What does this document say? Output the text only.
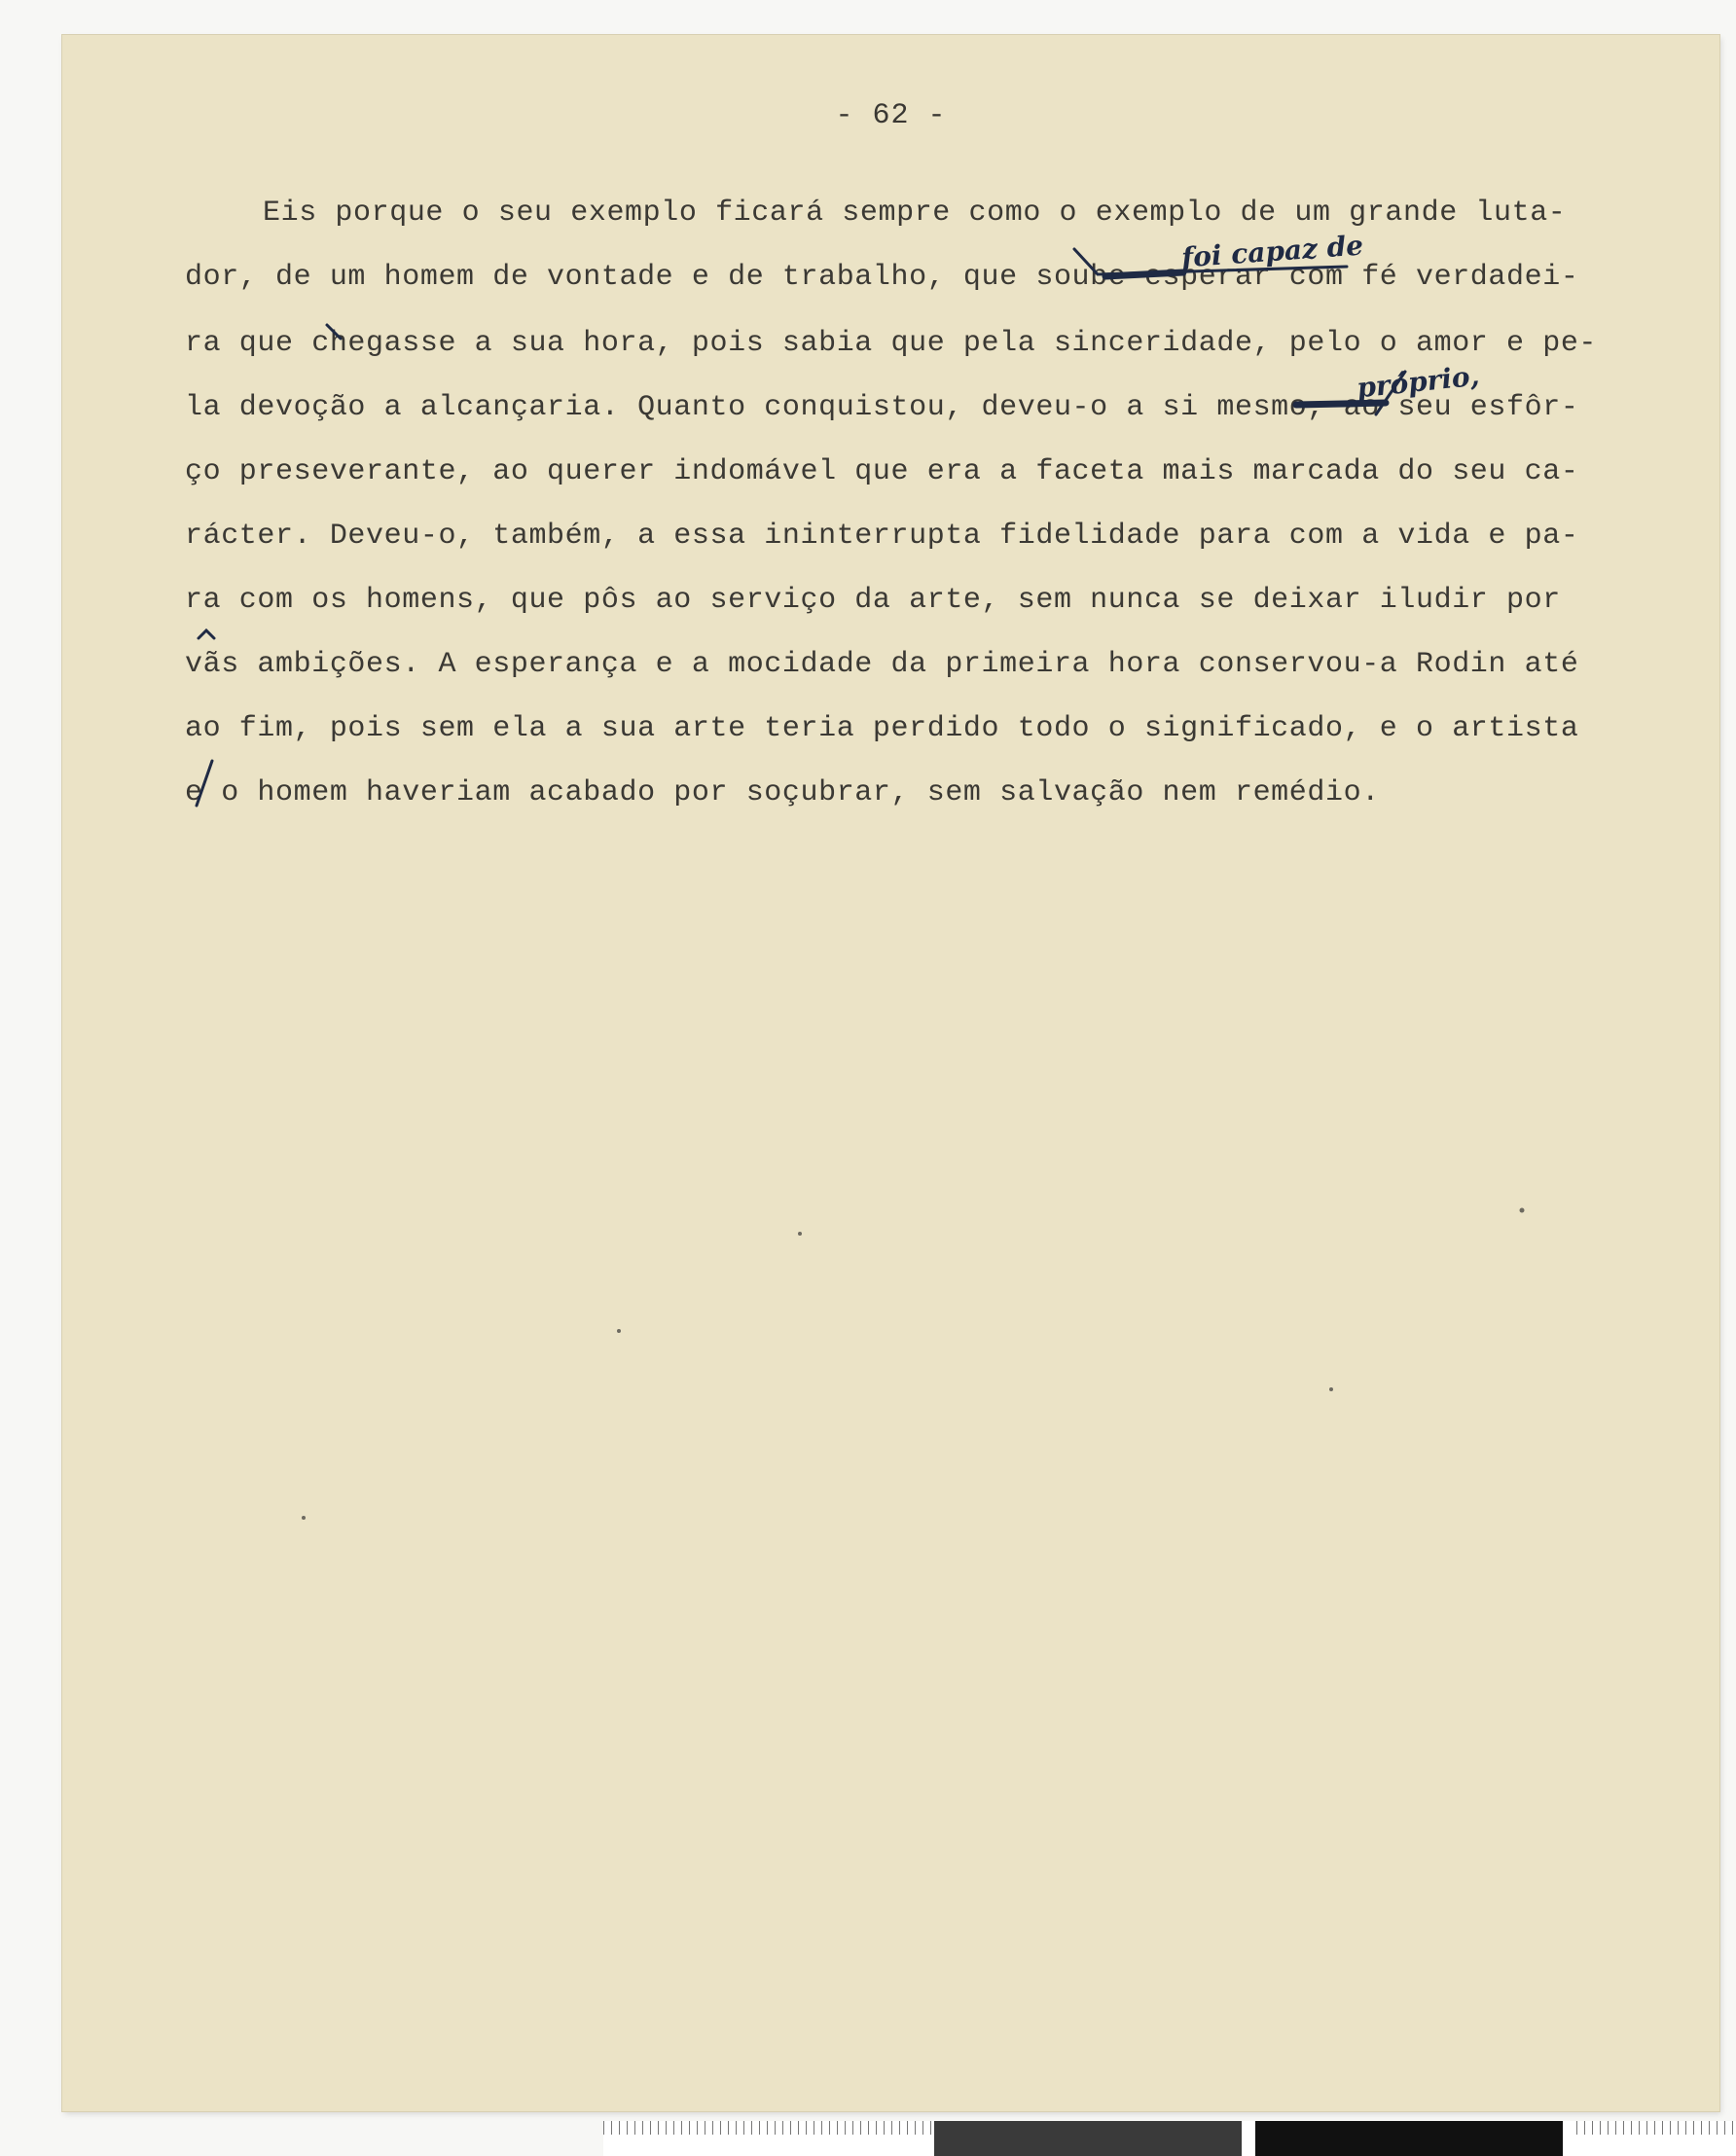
- 62 -
Eis porque o seu exemplo ficará sempre como o exemplo de um grande luta-
dor, de um homem de vontade e de trabalho, que soube esperar com fé verdadei-
ra que chegasse a sua hora, pois sabia que pela sinceridade, pelo o amor e pe-
la devoção a alcançaria. Quanto conquistou, deveu-o a si mesmo, ao seu esfôr-
ço preseverante, ao querer indomável que era a faceta mais marcada do seu ca-
rácter. Deveu-o, também, a essa ininterrupta fidelidade para com a vida e pa-
ra com os homens, que pôs ao serviço da arte, sem nunca se deixar iludir por
vãs ambições. A esperança e a mocidade da primeira hora conservou-a Rodin até
ao fim, pois sem ela a sua arte teria perdido todo o significado, e o artista
e o homem haveriam acabado por soçubrar, sem salvação nem remédio.
foi capaz de
próprio,
